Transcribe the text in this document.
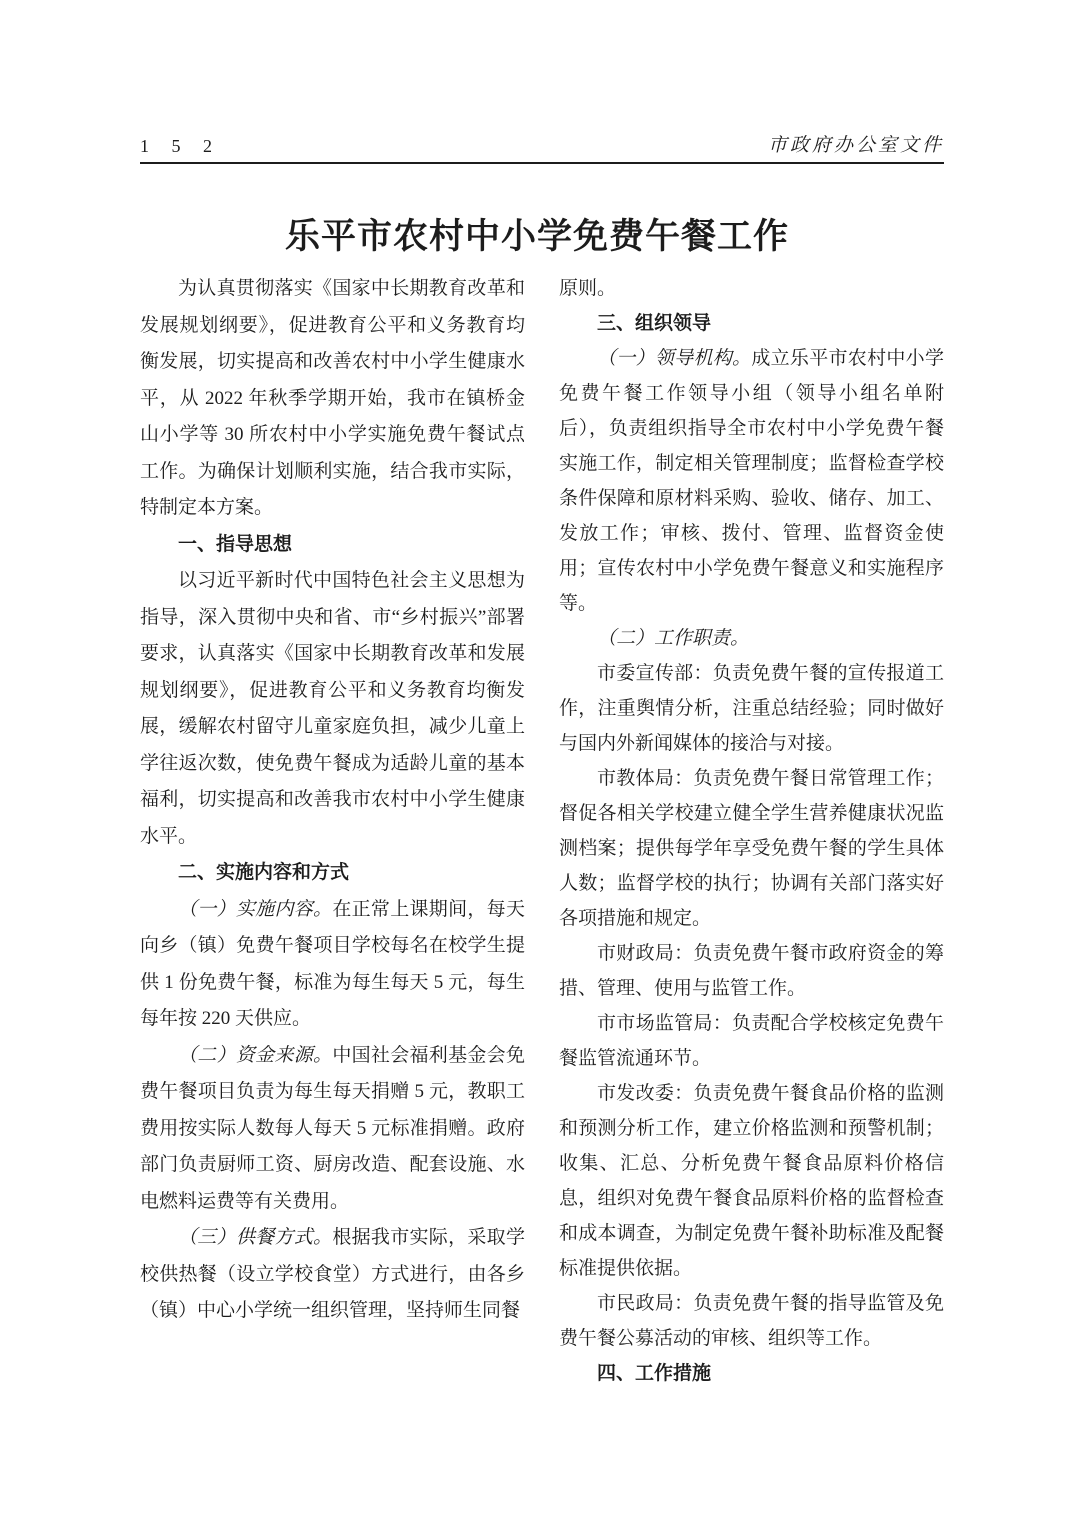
1 5 2	市政府办公室文件
乐平市农村中小学免费午餐工作

为认真贯彻落实《国家中长期教育改革和发展规划纲要》，促进教育公平和义务教育均衡发展，切实提高和改善农村中小学生健康水平，从 2022 年秋季学期开始，我市在镇桥金山小学等 30 所农村中小学实施免费午餐试点工作。为确保计划顺利实施，结合我市实际，特制定本方案。

一、指导思想

以习近平新时代中国特色社会主义思想为指导，深入贯彻中央和省、市“乡村振兴”部署要求，认真落实《国家中长期教育改革和发展规划纲要》，促进教育公平和义务教育均衡发展，缓解农村留守儿童家庭负担，减少儿童上学往返次数，使免费午餐成为适龄儿童的基本福利，切实提高和改善我市农村中小学生健康水平。

二、实施内容和方式

（一）实施内容。在正常上课期间，每天向乡（镇）免费午餐项目学校每名在校学生提供 1 份免费午餐，标准为每生每天 5 元，每生每年按 220 天供应。

（二）资金来源。中国社会福利基金会免费午餐项目负责为每生每天捐赠 5 元，教职工费用按实际人数每人每天 5 元标准捐赠。政府部门负责厨师工资、厨房改造、配套设施、水电燃料运费等有关费用。

（三）供餐方式。根据我市实际，采取学校供热餐（设立学校食堂）方式进行，由各乡（镇）中心小学统一组织管理，坚持师生同餐

原则。

三、组织领导

（一）领导机构。成立乐平市农村中小学免费午餐工作领导小组（领导小组名单附后），负责组织指导全市农村中小学免费午餐实施工作，制定相关管理制度；监督检查学校条件保障和原材料采购、验收、储存、加工、发放工作；审核、拨付、管理、监督资金使用；宣传农村中小学免费午餐意义和实施程序等。

（二）工作职责。

市委宣传部：负责免费午餐的宣传报道工作，注重舆情分析，注重总结经验；同时做好与国内外新闻媒体的接洽与对接。

市教体局：负责免费午餐日常管理工作；督促各相关学校建立健全学生营养健康状况监测档案；提供每学年享受免费午餐的学生具体人数；监督学校的执行；协调有关部门落实好各项措施和规定。

市财政局：负责免费午餐市政府资金的筹措、管理、使用与监管工作。

市市场监管局：负责配合学校核定免费午餐监管流通环节。

市发改委：负责免费午餐食品价格的监测和预测分析工作，建立价格监测和预警机制；收集、汇总、分析免费午餐食品原料价格信息，组织对免费午餐食品原料价格的监督检查和成本调查，为制定免费午餐补助标准及配餐标准提供依据。

市民政局：负责免费午餐的指导监管及免费午餐公募活动的审核、组织等工作。

四、工作措施
